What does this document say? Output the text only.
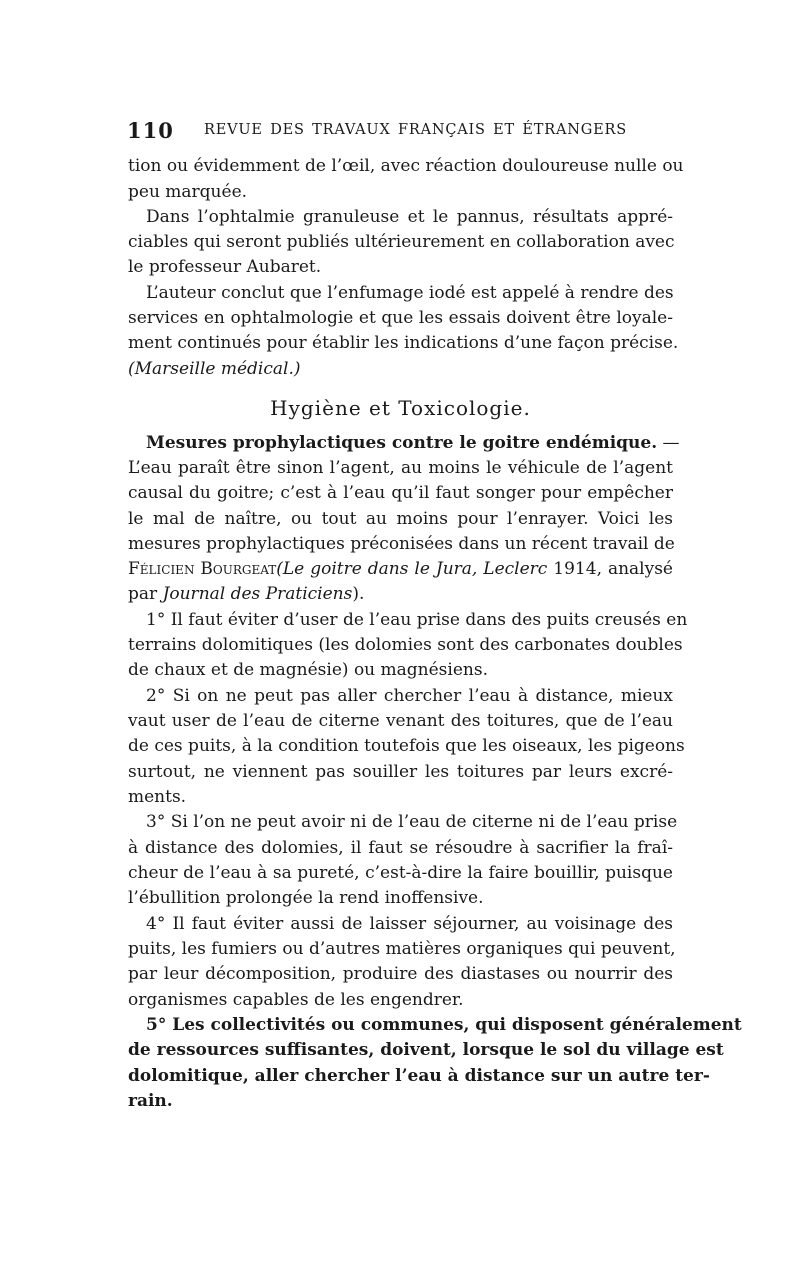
110 REVUE DES TRAVAUX FRANÇAIS ET ÉTRANGERS
tion ou évidemment de l’œil, avec réaction douloureuse nulle ou
peu marquée.
Dans l’ophtalmie granuleuse et le pannus, résultats appré-
ciables qui seront publiés ultérieurement en collaboration avec
le professeur Aubaret.
L’auteur conclut que l’enfumage iodé est appelé à rendre des
services en ophtalmologie et que les essais doivent être loyale-
ment continués pour établir les indications d’une façon précise.
(Marseille médical.)
Hygiène et Toxicologie.
Mesures prophylactiques contre le goitre endémique. —
L’eau paraît être sinon l’agent, au moins le véhicule de l’agent
causal du goitre; c’est à l’eau qu’il faut songer pour empêcher
le mal de naître, ou tout au moins pour l’enrayer. Voici les
mesures prophylactiques préconisées dans un récent travail de
Félicien Bourgeat(Le goitre dans le Jura, Leclerc 1914, analysé
par Journal des Praticiens).
1° Il faut éviter d’user de l’eau prise dans des puits creusés en
terrains dolomitiques (les dolomies sont des carbonates doubles
de chaux et de magnésie) ou magnésiens.
2° Si on ne peut pas aller chercher l’eau à distance, mieux
vaut user de l’eau de citerne venant des toitures, que de l’eau
de ces puits, à la condition toutefois que les oiseaux, les pigeons
surtout, ne viennent pas souiller les toitures par leurs excré-
ments.
3° Si l’on ne peut avoir ni de l’eau de citerne ni de l’eau prise
à distance des dolomies, il faut se résoudre à sacrifier la fraî-
cheur de l’eau à sa pureté, c’est-à-dire la faire bouillir, puisque
l’ébullition prolongée la rend inoffensive.
4° Il faut éviter aussi de laisser séjourner, au voisinage des
puits, les fumiers ou d’autres matières organiques qui peuvent,
par leur décomposition, produire des diastases ou nourrir des
organismes capables de les engendrer.
5° Les collectivités ou communes, qui disposent généralement
de ressources suffisantes, doivent, lorsque le sol du village est
dolomitique, aller chercher l’eau à distance sur un autre ter-
rain.
